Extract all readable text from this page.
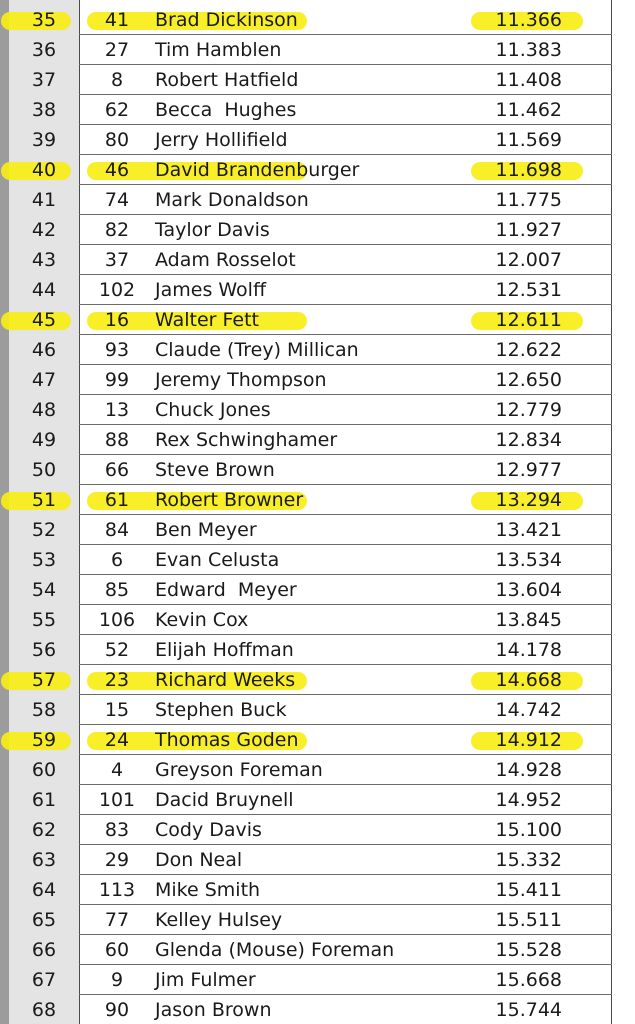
35	41	Brad Dickinson	11.366
36	27	Tim Hamblen	11.383
37	8	Robert Hatfield	11.408
38	62	Becca  Hughes	11.462
39	80	Jerry Hollifield	11.569
40	46	David Brandenburger	11.698
41	74	Mark Donaldson	11.775
42	82	Taylor Davis	11.927
43	37	Adam Rosselot	12.007
44	102	James Wolff	12.531
45	16	Walter Fett	12.611
46	93	Claude (Trey) Millican	12.622
47	99	Jeremy Thompson	12.650
48	13	Chuck Jones	12.779
49	88	Rex Schwinghamer	12.834
50	66	Steve Brown	12.977
51	61	Robert Browner	13.294
52	84	Ben Meyer	13.421
53	6	Evan Celusta	13.534
54	85	Edward  Meyer	13.604
55	106	Kevin Cox	13.845
56	52	Elijah Hoffman	14.178
57	23	Richard Weeks	14.668
58	15	Stephen Buck	14.742
59	24	Thomas Goden	14.912
60	4	Greyson Foreman	14.928
61	101	Dacid Bruynell	14.952
62	83	Cody Davis	15.100
63	29	Don Neal	15.332
64	113	Mike Smith	15.411
65	77	Kelley Hulsey	15.511
66	60	Glenda (Mouse) Foreman	15.528
67	9	Jim Fulmer	15.668
68	90	Jason Brown	15.744
